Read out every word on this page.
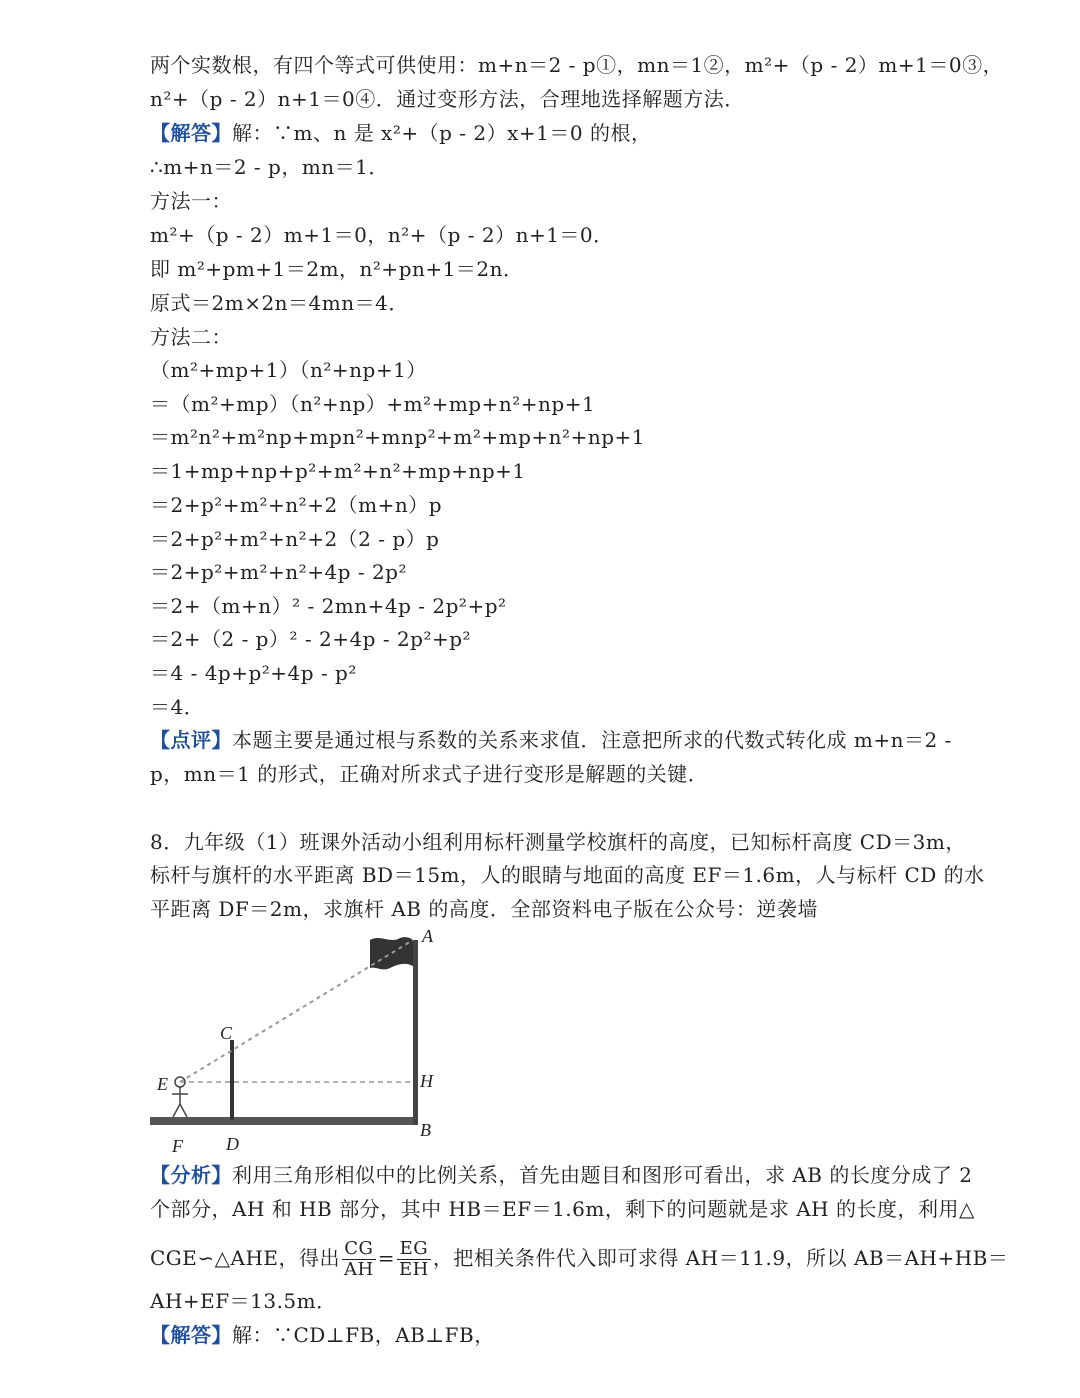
两个实数根，有四个等式可供使用：m+n＝2 - p①，mn＝1②，m²+（p - 2）m+1＝0③，
n²+（p - 2）n+1＝0④．通过变形方法，合理地选择解题方法．
【解答】解：∵m、n 是 x²+（p - 2）x+1＝0 的根，
∴m+n＝2 - p，mn＝1．
方法一：
m²+（p - 2）m+1＝0，n²+（p - 2）n+1＝0．
即 m²+pm+1＝2m，n²+pn+1＝2n．
原式＝2m×2n＝4mn＝4．
方法二：
（m²+mp+1）（n²+np+1）
＝（m²+mp）（n²+np）+m²+mp+n²+np+1
＝m²n²+m²np+mpn²+mnp²+m²+mp+n²+np+1
＝1+mp+np+p²+m²+n²+mp+np+1
＝2+p²+m²+n²+2（m+n）p
＝2+p²+m²+n²+2（2 - p）p
＝2+p²+m²+n²+4p - 2p²
＝2+（m+n）² - 2mn+4p - 2p²+p²
＝2+（2 - p）² - 2+4p - 2p²+p²
＝4 - 4p+p²+4p - p²
＝4．
【点评】本题主要是通过根与系数的关系来求值．注意把所求的代数式转化成 m+n＝2 -
p，mn＝1 的形式，正确对所求式子进行变形是解题的关键．
8．九年级（1）班课外活动小组利用标杆测量学校旗杆的高度，已知标杆高度 CD＝3m，
标杆与旗杆的水平距离 BD＝15m，人的眼睛与地面的高度 EF＝1.6m，人与标杆 CD 的水
平距离 DF＝2m，求旗杆 AB 的高度．全部资料电子版在公众号：逆袭墙
A
B
C
D
E
F
H
【分析】利用三角形相似中的比例关系，首先由题目和图形可看出，求 AB 的长度分成了 2
个部分，AH 和 HB 部分，其中 HB＝EF＝1.6m，剩下的问题就是求 AH 的长度，利用△
CGE∽△AHE，得出 $\frac{CG}{AH} = \frac{EG}{EH}$ ，把相关条件代入即可求得 AH＝11.9，所以 AB＝AH+HB＝
AH+EF＝13.5m．
【解答】解：∵CD⊥FB，AB⊥FB，
